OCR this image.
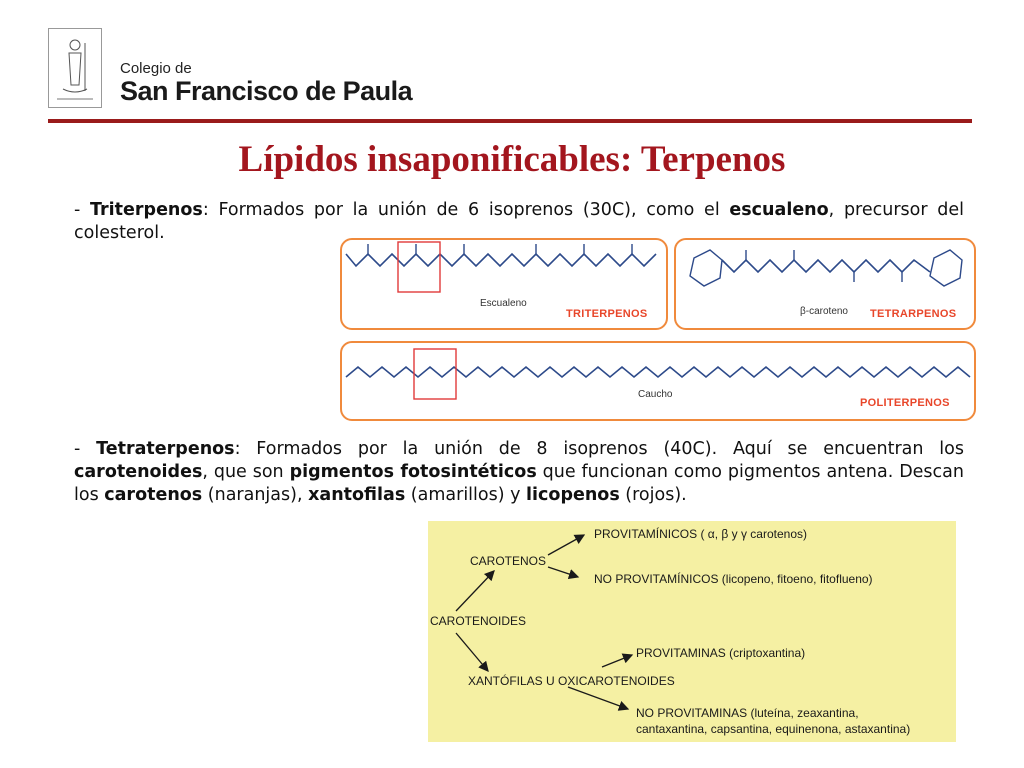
Colegio de
San Francisco de Paula
Lípidos insaponificables: Terpenos

- Triterpenos: Formados por la unión de 6 isoprenos (30C), como el escualeno, precursor del colesterol.

Escualeno
TRITERPENOS	β-caroteno TETRARPENOS
Caucho
POLITERPENOS

- Tetraterpenos: Formados por la unión de 8 isoprenos (40C). Aquí se encuentran los carotenoides, que son pigmentos fotosintéticos que funcionan como pigmentos antena. Descan los carotenos (naranjas), xantofilas (amarillos) y licopenos (rojos).

CAROTENOIDES
CAROTENOS
PROVITAMÍNICOS ( α, β y γ carotenos)
NO PROVITAMÍNICOS (licopeno, fitoeno, fitoflueno)
XANTÓFILAS U OXICAROTENOIDES
PROVITAMINAS (criptoxantina)
NO PROVITAMINAS (luteína, zeaxantina,
cantaxantina, capsantina, equinenona, astaxantina)
